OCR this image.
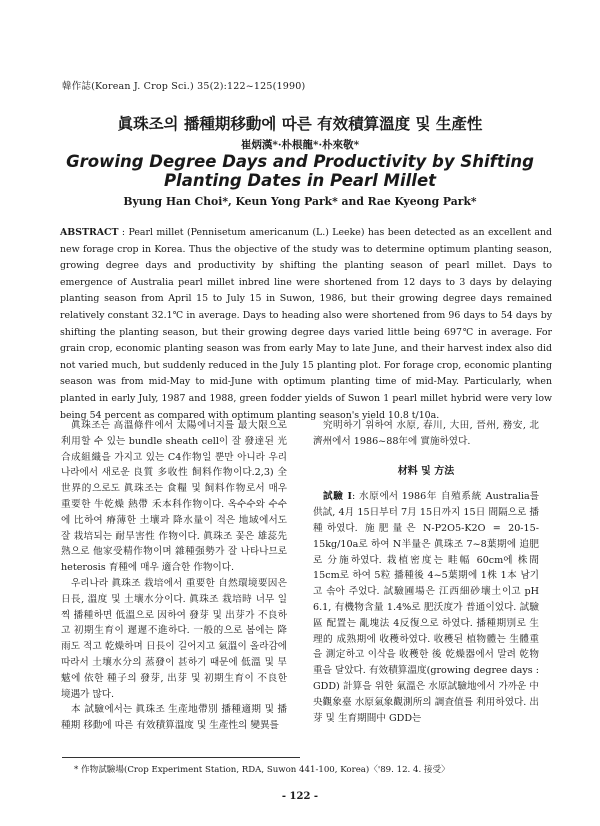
韓作誌(Korean J. Crop Sci.) 35(2):122~125(1990)
眞珠조의 播種期移動에 따른 有效積算溫度 및 生產性
崔炳漢*·朴根龍*·朴來敬*
Growing Degree Days and Productivity by Shifting Planting Dates in Pearl Millet
Byung Han Choi*, Keun Yong Park* and Rae Kyeong Park*
ABSTRACT : Pearl millet (Pennisetum americanum (L.) Leeke) has been detected as an excellent and new forage crop in Korea. Thus the objective of the study was to determine optimum planting season, growing degree days and productivity by shifting the planting season of pearl millet. Days to emergence of Australia pearl millet inbred line were shortened from 12 days to 3 days by delaying planting season from April 15 to July 15 in Suwon, 1986, but their growing degree days remained relatively constant 32.1℃ in average. Days to heading also were shortened from 96 days to 54 days by shifting the planting season, but their growing degree days varied little being 697℃ in average. For grain crop, economic planting season was from early May to late June, and their harvest index also did not varied much, but suddenly reduced in the July 15 planting plot. For forage crop, economic planting season was from mid-May to mid-June with optimum planting time of mid-May. Particularly, when planted in early July, 1987 and 1988, green fodder yields of Suwon 1 pearl millet hybrid were very low being 54 percent as compared with optimum planting season's yield 10.8 t/10a.

眞珠조는 高溫條件에서 太陽에너지를 最大限으로 利用할 수 있는 bundle sheath cell이 잘 發達된 光合成組織을 가지고 있는 C4作物일 뿐만 아니라 우리나라에서 새로운 良質 多收性 飼料作物이다.2,3) 全世界的으로도 眞珠조는 食糧 및 飼料作物로서 매우 重要한 牛乾燥 熱帶 禾本科作物이다. 옥수수와 수수에 比하여 瘠薄한 土壤과 降水量이 적은 地域에서도 잘 栽培되는 耐旱害性 作物이다. 眞珠조 꽃은 雄蕊先熟으로 他家受精作物이며 雜種强勢가 잘 나타나므로 heterosis 育種에 매우 適合한 作物이다.

우리나라 眞珠조 栽培에서 重要한 自然環境要因은 日長, 溫度 및 土壤水分이다. 眞珠조 栽培時 너무 일찍 播種하면 低溫으로 因하여 發芽 및 出芽가 不良하고 初期生育이 遲遲不進하다. 一般的으로 봄에는 降雨도 적고 乾燥하며 日長이 길어지고 氣溫이 올라감에 따라서 土壤水分의 蒸發이 甚하기 때문에 低溫 및 旱魃에 依한 種子의 發芽, 出芽 및 初期生育이 不良한 境遇가 많다.

本 試驗에서는 眞珠조 生產地帶別 播種適期 및 播種期 移動에 따른 有效積算溫度 및 生產性의 變異를

究明하기 위하여 水原, 春川, 大田, 晉州, 務安, 北濟州에서 1986~88年에 實施하였다.

材料 및 方法

試驗 I: 水原에서 1986年 自殖系統 Australia를 供試, 4月 15日부터 7月 15日까지 15日 間隔으로 播種하였다. 施肥量은 N-P2O5-K2O = 20-15-15kg/10a로 하여 N半量은 眞珠조 7~8葉期에 追肥로 分施하였다. 栽植密度는 畦幅 60cm에 株間 15cm로 하여 5粒 播種後 4~5葉期에 1株 1本 남기고 솎아 주었다. 試驗圃場은 江西細砂壤土이고 pH 6.1, 有機物含量 1.4%로 肥沃度가 普通이었다. 試驗區 配置는 亂塊法 4反復으로 하였다. 播種期別로 生理的 成熟期에 收穫하였다. 收穫된 植物體는 生體重을 測定하고 이삭을 收穫한 後 乾燥器에서 말려 乾物重을 달았다. 有效積算溫度(growing degree days : GDD) 計算을 위한 氣溫은 水原試驗地에서 가까운 中央觀象臺 水原氣象觀測所의 調査值를 利用하였다. 出芽 및 生育期間中 GDD는

* 作物試驗場(Crop Experiment Station, RDA, Suwon 441-100, Korea)〈'89. 12. 4. 接受〉
- 122 -
